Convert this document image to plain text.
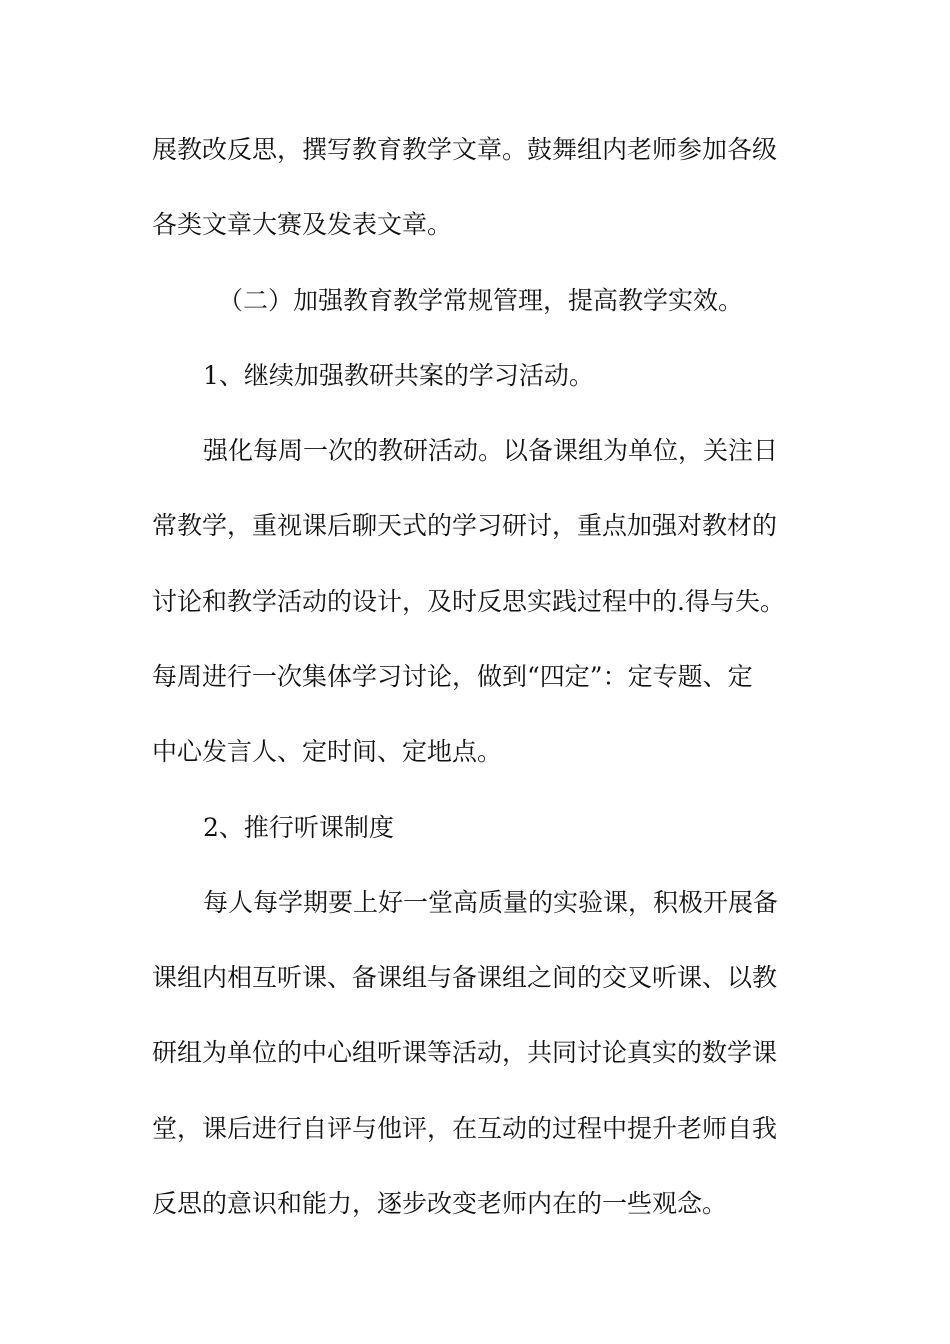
展教改反思，撰写教育教学文章。鼓舞组内老师参加各级
各类文章大赛及发表文章。
（二）加强教育教学常规管理，提高教学实效。
1、继续加强教研共案的学习活动。
强化每周一次的教研活动。以备课组为单位，关注日
常教学，重视课后聊天式的学习研讨，重点加强对教材的
讨论和教学活动的设计，及时反思实践过程中的.得与失。
每周进行一次集体学习讨论，做到“四定”：定专题、定
中心发言人、定时间、定地点。
2、推行听课制度
每人每学期要上好一堂高质量的实验课，积极开展备
课组内相互听课、备课组与备课组之间的交叉听课、以教
研组为单位的中心组听课等活动，共同讨论真实的数学课
堂，课后进行自评与他评，在互动的过程中提升老师自我
反思的意识和能力，逐步改变老师内在的一些观念。
